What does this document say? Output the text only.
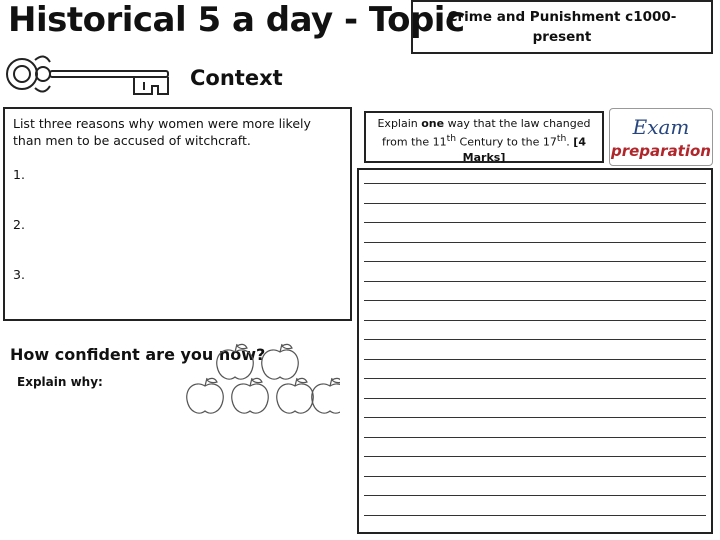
Historical 5 a day - Topic
Crime and Punishment c1000-present
Context

List three reasons why women were more likely than men to be accused of witchcraft.

1.
2.
3.
How confident are you now?
Explain why:
Explain one way that the law changed from the 11th Century to the 17th. [4 Marks]
Exam
preparation
